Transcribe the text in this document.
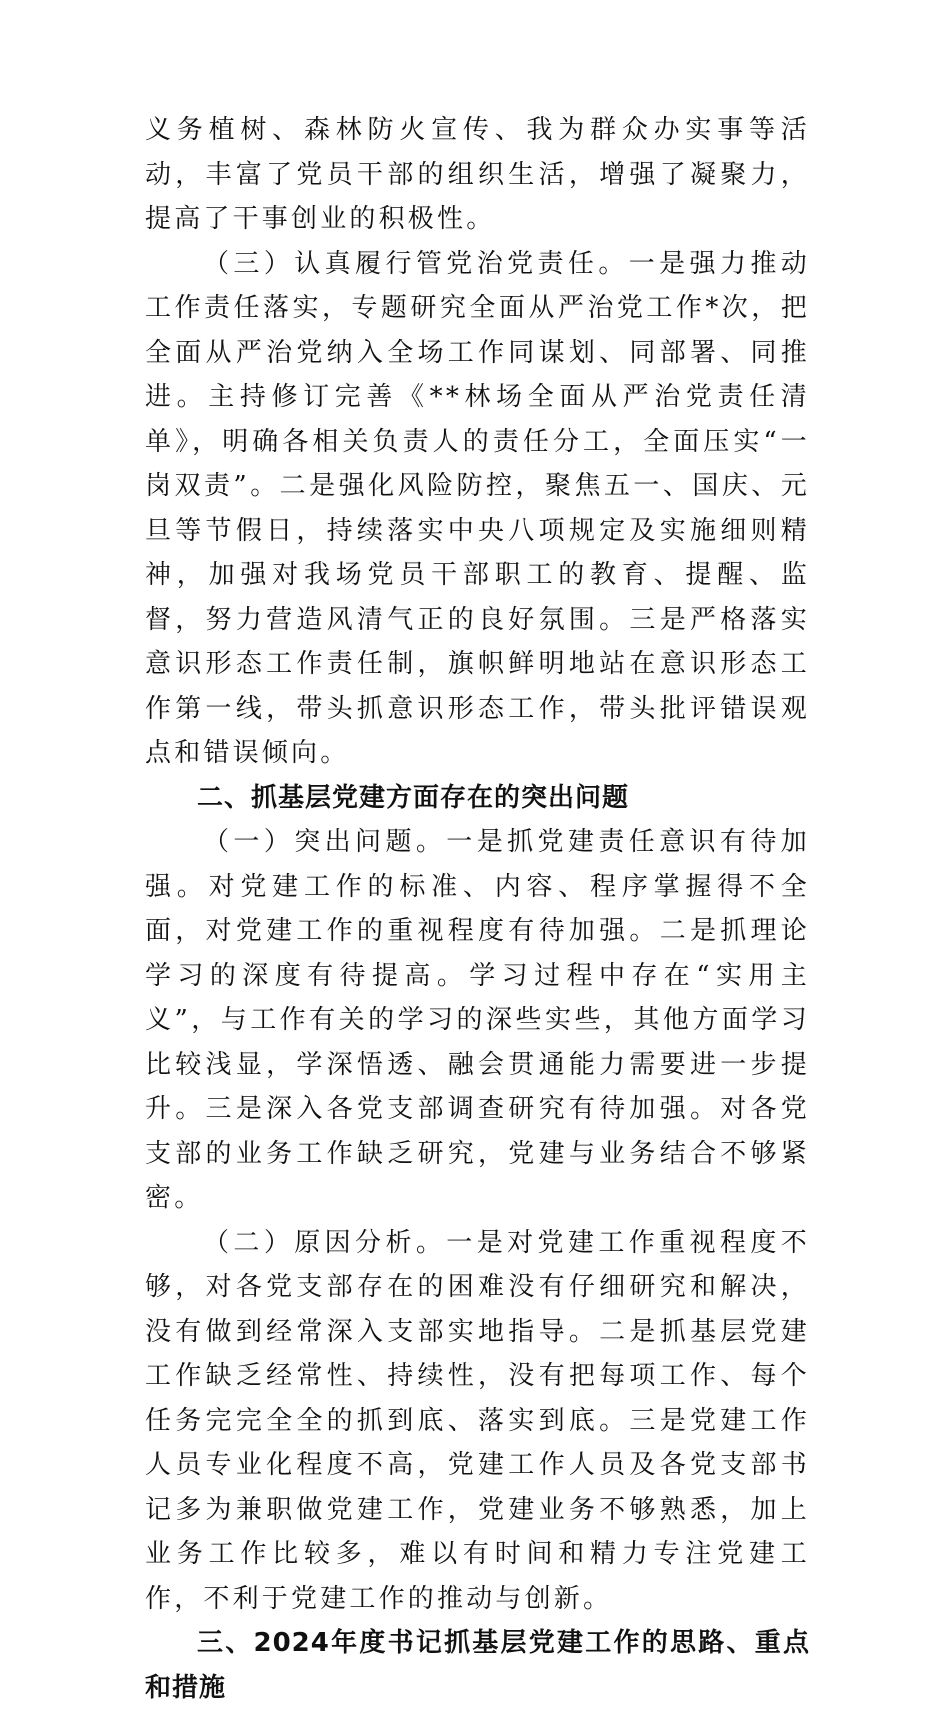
义务植树、森林防火宣传、我为群众办实事等活动，丰富了党员干部的组织生活，增强了凝聚力，提高了干事创业的积极性。

（三）认真履行管党治党责任。一是强力推动工作责任落实，专题研究全面从严治党工作*次，把全面从严治党纳入全场工作同谋划、同部署、同推进。主持修订完善《**林场全面从严治党责任清单》，明确各相关负责人的责任分工，全面压实“一岗双责”。二是强化风险防控，聚焦五一、国庆、元旦等节假日，持续落实中央八项规定及实施细则精神，加强对我场党员干部职工的教育、提醒、监督，努力营造风清气正的良好氛围。三是严格落实意识形态工作责任制，旗帜鲜明地站在意识形态工作第一线，带头抓意识形态工作，带头批评错误观点和错误倾向。

二、抓基层党建方面存在的突出问题

（一）突出问题。一是抓党建责任意识有待加强。对党建工作的标准、内容、程序掌握得不全面，对党建工作的重视程度有待加强。二是抓理论学习的深度有待提高。学习过程中存在“实用主义”，与工作有关的学习的深些实些，其他方面学习比较浅显，学深悟透、融会贯通能力需要进一步提升。三是深入各党支部调查研究有待加强。对各党支部的业务工作缺乏研究，党建与业务结合不够紧密。

（二）原因分析。一是对党建工作重视程度不够，对各党支部存在的困难没有仔细研究和解决，没有做到经常深入支部实地指导。二是抓基层党建工作缺乏经常性、持续性，没有把每项工作、每个任务完完全全的抓到底、落实到底。三是党建工作人员专业化程度不高，党建工作人员及各党支部书记多为兼职做党建工作，党建业务不够熟悉，加上业务工作比较多，难以有时间和精力专注党建工作，不利于党建工作的推动与创新。

三、2024年度书记抓基层党建工作的思路、重点和措施
